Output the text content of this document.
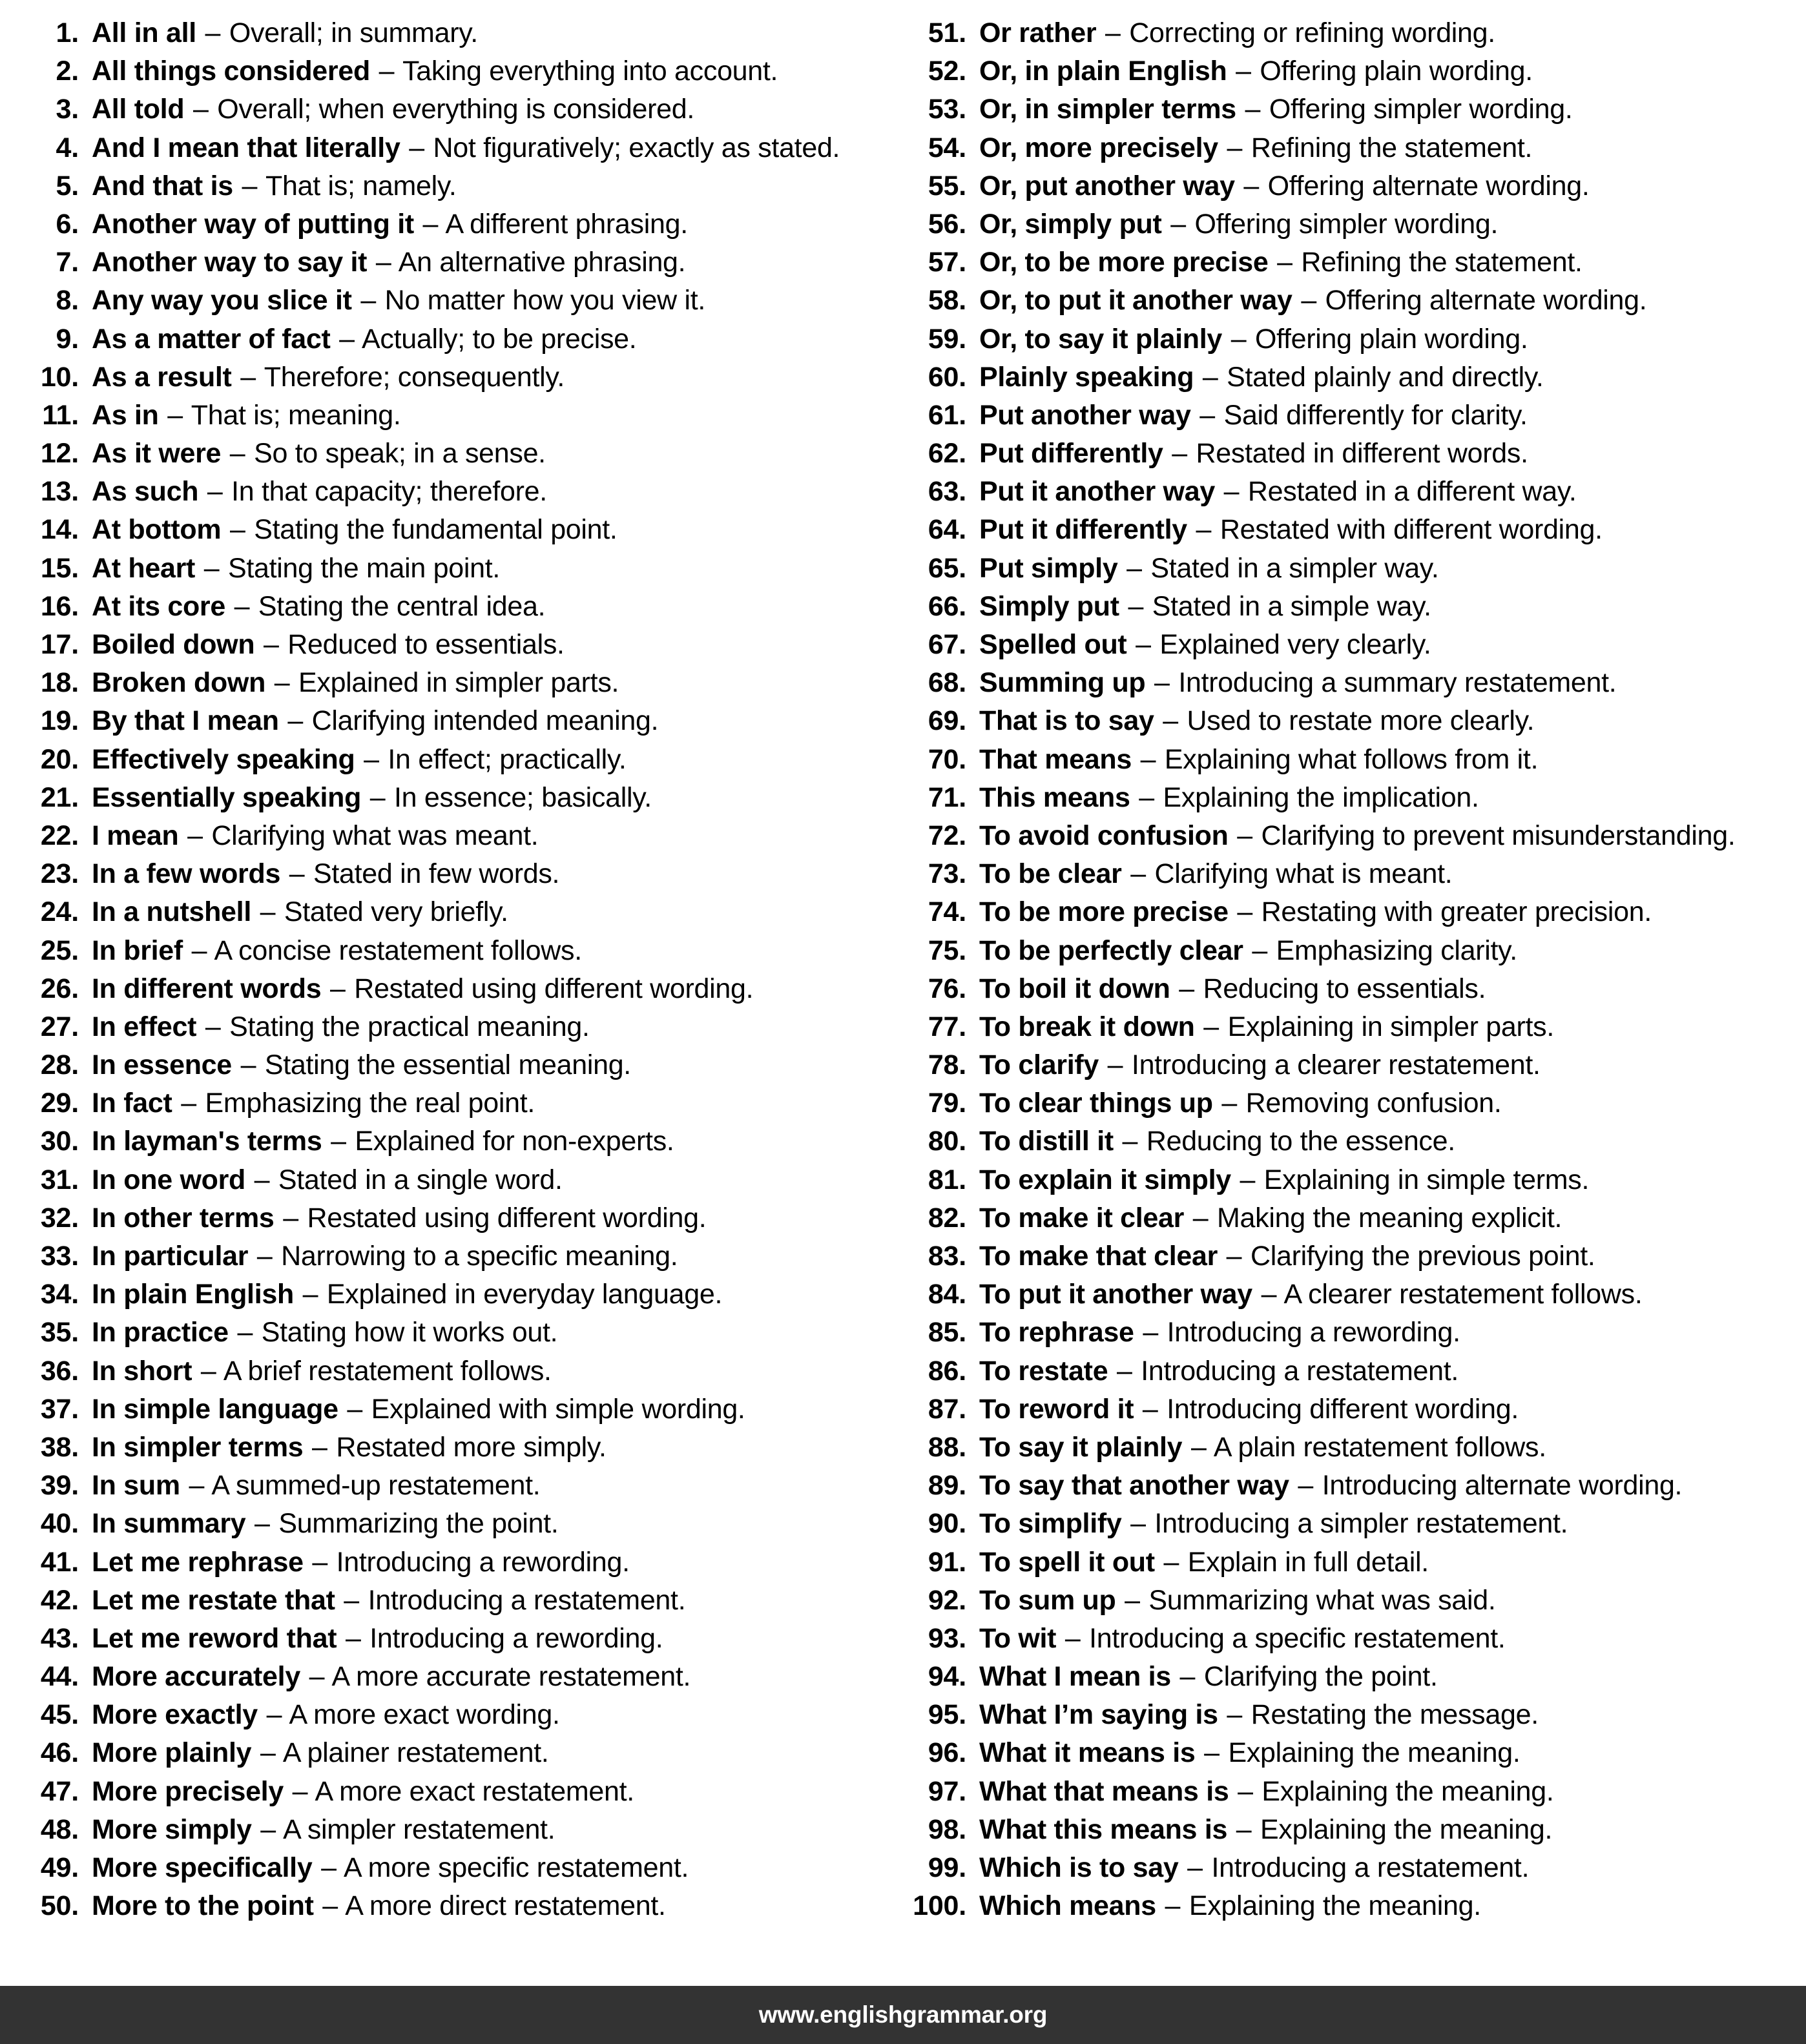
1. All in all – Overall; in summary.
2. All things considered – Taking everything into account.
3. All told – Overall; when everything is considered.
4. And I mean that literally – Not figuratively; exactly as stated.
5. And that is – That is; namely.
6. Another way of putting it – A different phrasing.
7. Another way to say it – An alternative phrasing.
8. Any way you slice it – No matter how you view it.
9. As a matter of fact – Actually; to be precise.
10. As a result – Therefore; consequently.
11. As in – That is; meaning.
12. As it were – So to speak; in a sense.
13. As such – In that capacity; therefore.
14. At bottom – Stating the fundamental point.
15. At heart – Stating the main point.
16. At its core – Stating the central idea.
17. Boiled down – Reduced to essentials.
18. Broken down – Explained in simpler parts.
19. By that I mean – Clarifying intended meaning.
20. Effectively speaking – In effect; practically.
21. Essentially speaking – In essence; basically.
22. I mean – Clarifying what was meant.
23. In a few words – Stated in few words.
24. In a nutshell – Stated very briefly.
25. In brief – A concise restatement follows.
26. In different words – Restated using different wording.
27. In effect – Stating the practical meaning.
28. In essence – Stating the essential meaning.
29. In fact – Emphasizing the real point.
30. In layman's terms – Explained for non-experts.
31. In one word – Stated in a single word.
32. In other terms – Restated using different wording.
33. In particular – Narrowing to a specific meaning.
34. In plain English – Explained in everyday language.
35. In practice – Stating how it works out.
36. In short – A brief restatement follows.
37. In simple language – Explained with simple wording.
38. In simpler terms – Restated more simply.
39. In sum – A summed-up restatement.
40. In summary – Summarizing the point.
41. Let me rephrase – Introducing a rewording.
42. Let me restate that – Introducing a restatement.
43. Let me reword that – Introducing a rewording.
44. More accurately – A more accurate restatement.
45. More exactly – A more exact wording.
46. More plainly – A plainer restatement.
47. More precisely – A more exact restatement.
48. More simply – A simpler restatement.
49. More specifically – A more specific restatement.
50. More to the point – A more direct restatement.
51. Or rather – Correcting or refining wording.
52. Or, in plain English – Offering plain wording.
53. Or, in simpler terms – Offering simpler wording.
54. Or, more precisely – Refining the statement.
55. Or, put another way – Offering alternate wording.
56. Or, simply put – Offering simpler wording.
57. Or, to be more precise – Refining the statement.
58. Or, to put it another way – Offering alternate wording.
59. Or, to say it plainly – Offering plain wording.
60. Plainly speaking – Stated plainly and directly.
61. Put another way – Said differently for clarity.
62. Put differently – Restated in different words.
63. Put it another way – Restated in a different way.
64. Put it differently – Restated with different wording.
65. Put simply – Stated in a simpler way.
66. Simply put – Stated in a simple way.
67. Spelled out – Explained very clearly.
68. Summing up – Introducing a summary restatement.
69. That is to say – Used to restate more clearly.
70. That means – Explaining what follows from it.
71. This means – Explaining the implication.
72. To avoid confusion – Clarifying to prevent misunderstanding.
73. To be clear – Clarifying what is meant.
74. To be more precise – Restating with greater precision.
75. To be perfectly clear – Emphasizing clarity.
76. To boil it down – Reducing to essentials.
77. To break it down – Explaining in simpler parts.
78. To clarify – Introducing a clearer restatement.
79. To clear things up – Removing confusion.
80. To distill it – Reducing to the essence.
81. To explain it simply – Explaining in simple terms.
82. To make it clear – Making the meaning explicit.
83. To make that clear – Clarifying the previous point.
84. To put it another way – A clearer restatement follows.
85. To rephrase – Introducing a rewording.
86. To restate – Introducing a restatement.
87. To reword it – Introducing different wording.
88. To say it plainly – A plain restatement follows.
89. To say that another way – Introducing alternate wording.
90. To simplify – Introducing a simpler restatement.
91. To spell it out – Explain in full detail.
92. To sum up – Summarizing what was said.
93. To wit – Introducing a specific restatement.
94. What I mean is – Clarifying the point.
95. What I’m saying is – Restating the message.
96. What it means is – Explaining the meaning.
97. What that means is – Explaining the meaning.
98. What this means is – Explaining the meaning.
99. Which is to say – Introducing a restatement.
100. Which means – Explaining the meaning.
www.englishgrammar.org
